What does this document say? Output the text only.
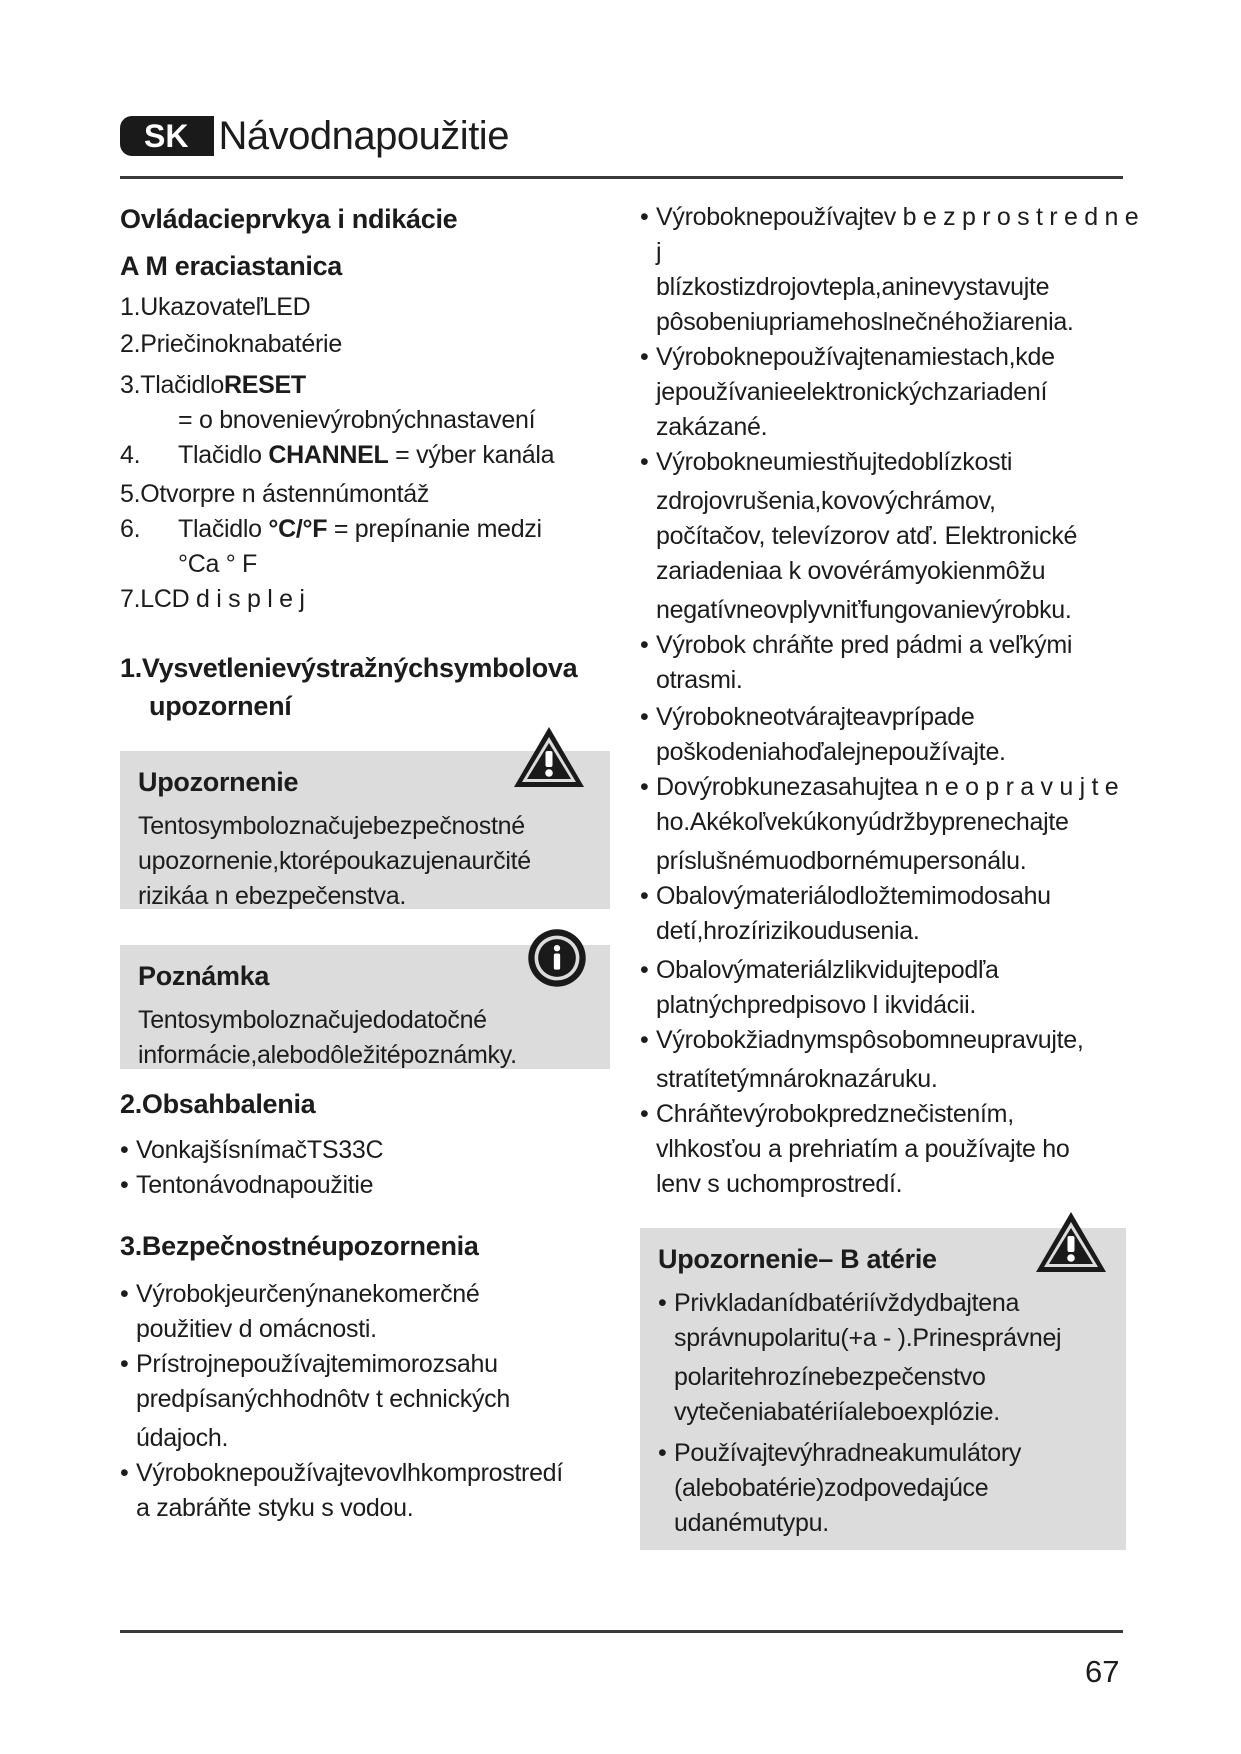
SK Návodnapoužitie
Ovládacieprvkya i ndikácie
A M eraciastanica
1.UkazovateľLED
2.Priečinoknabatérie
3.TlačidloRESET
= o bnovenievýrobnýchnastavení
4.	Tlačidlo CHANNEL = výber kanála
5.Otvorpre n ástennúmontáž
6.	Tlačidlo °C/°F = prepínanie medzi
°Ca ° F
7.LCD d i s p l e j
1.Vysvetlenievýstražnýchsymbolova
upozornení
Upozornenie
Tentosymboloznačujebezpečnostné
upozornenie,ktorépoukazujenaurčité
rizikáa n ebezpečenstva.
Poznámka
Tentosymboloznačujedodatočné
informácie,alebodôležitépoznámky.
2.Obsahbalenia
• VonkajšísnímačTS33C
• Tentonávodnapoužitie
3.Bezpečnostnéupozornenia
• Výrobokjeurčenýnanekomerčné
použitiev d omácnosti.
• Prístrojnepoužívajtemimorozsahu
predpísanýchhodnôtv t echnických
údajoch.
• Výroboknepoužívajtevovlhkomprostredí
a zabráňte styku s vodou.
• Výroboknepoužívajtev b e z p r o s t r e d n e j
blízkostizdrojovtepla,aninevystavujte
pôsobeniupriamehoslnečnéhožiarenia.
• Výroboknepoužívajtenamiestach,kde
jepoužívanieelektronickýchzariadení
zakázané.
• Výrobokneumiestňujtedoblízkosti
zdrojovrušenia,kovovýchrámov,
počítačov, televízorov atď. Elektronické
zariadeniaa k ovovérámyokienmôžu
negatívneovplyvniťfungovanievýrobku.
• Výrobok chráňte pred pádmi a veľkými
otrasmi.
• Výrobokneotvárajteavprípade
poškodeniahoďalejnepoužívajte.
• Dovýrobkunezasahujtea n e o p r a v u j t e
ho.Akékoľvekúkonyúdržbyprenechajte
príslušnémuodbornémupersonálu.
• Obalovýmateriálodložtemimodosahu
detí,hrozírizikoudusenia.
• Obalovýmateriálzlikvidujtepodľa
platnýchpredpisovo l ikvidácii.
• Výrobokžiadnymspôsobomneupravujte,
stratítetýmnároknazáruku.
• Chráňtevýrobokpredznečistením,
vlhkosťou a prehriatím a používajte ho
lenv s uchomprostredí.
Upozornenie– B atérie
• Privkladanídbatériívždydbajtena
správnupolaritu(+a - ).Prinesprávnej
polaritehrozínebezpečenstvo
vytečeniabatériíaleboexplózie.
• Používajtevýhradneakumulátory
(alebobatérie)zodpovedajúce
udanémutypu.
67
